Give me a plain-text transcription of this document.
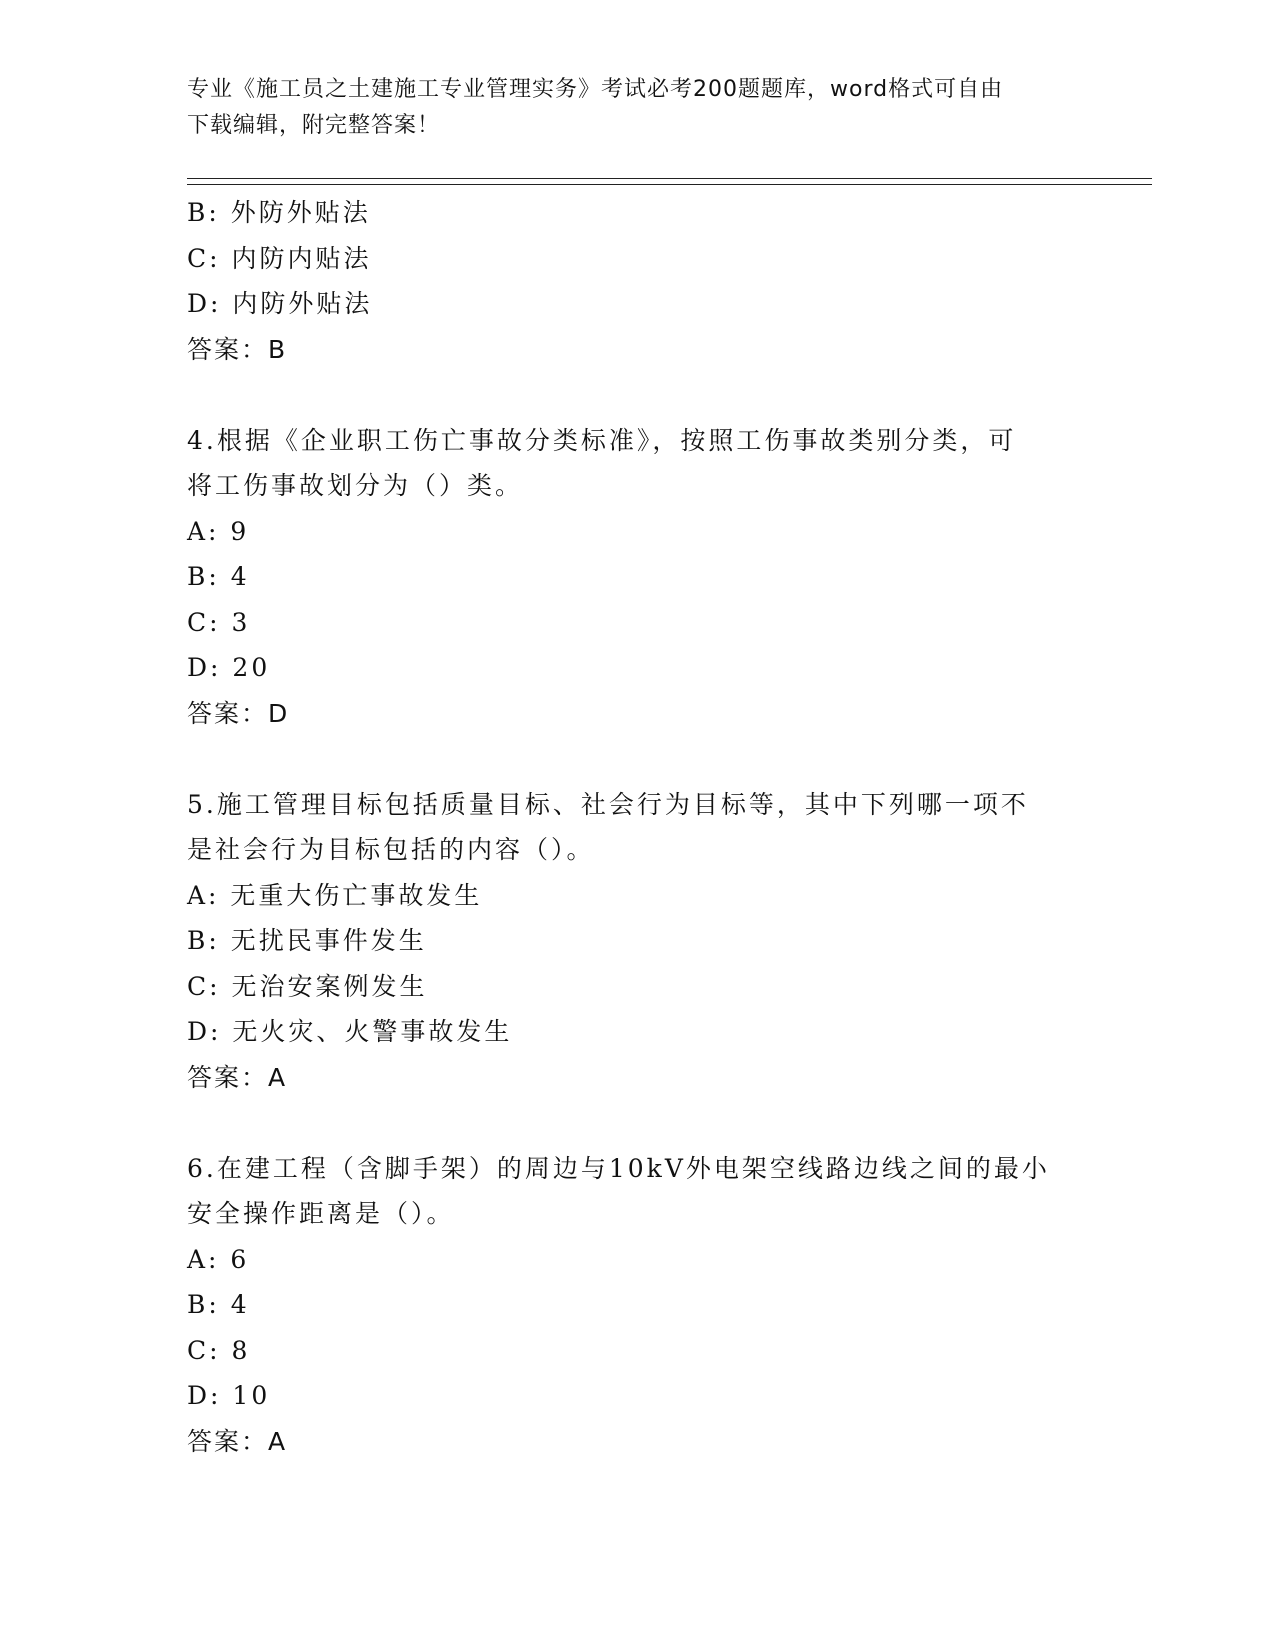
专业《施工员之土建施工专业管理实务》考试必考200题题库，word格式可自由
下载编辑，附完整答案！
B: 外防外贴法
C: 内防内贴法
D: 内防外贴法
答案：B
4.根据《企业职工伤亡事故分类标准》，按照工伤事故类别分类，可
将工伤事故划分为（）类。
A: 9
B: 4
C: 3
D: 20
答案：D
5.施工管理目标包括质量目标、社会行为目标等，其中下列哪一项不
是社会行为目标包括的内容（）。
A: 无重大伤亡事故发生
B: 无扰民事件发生
C: 无治安案例发生
D: 无火灾、火警事故发生
答案：A
6.在建工程（含脚手架）的周边与10kV外电架空线路边线之间的最小
安全操作距离是（）。
A: 6
B: 4
C: 8
D: 10
答案：A
